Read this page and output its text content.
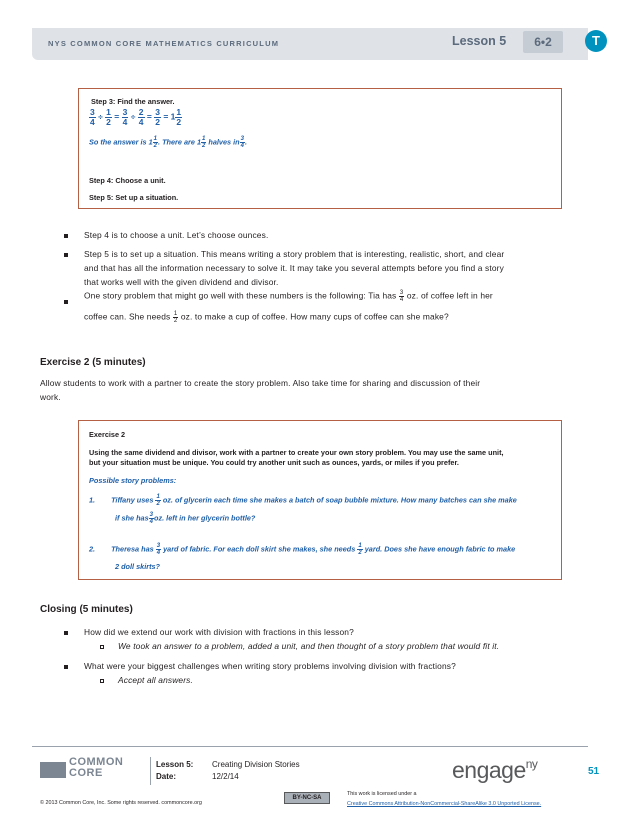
NYS COMMON CORE MATHEMATICS CURRICULUM	Lesson 5	6•2	T
Step 3: Find the answer.
$\frac{3}{4} \div \frac{1}{2} = \frac{3}{4} \div \frac{2}{4} = \frac{3}{2} = 1 \frac{1}{2}$
So the answer is $1 \frac{1}{2}$ . There are $1 \frac{1}{2}$ halves in $\frac{3}{4}$ .
Step 4: Choose a unit.
Step 5: Set up a situation.
Step 4 is to choose a unit. Let’s choose ounces.
Step 5 is to set up a situation. This means writing a story problem that is interesting, realistic, short, and clear
and that has all the information necessary to solve it. It may take you several attempts before you find a story
that works well with the given dividend and divisor.
One story problem that might go well with these numbers is the following: Tia has $\frac{3}{4}$ oz. of coffee left in her
coffee can. She needs $\frac{1}{2}$ oz. to make a cup of coffee. How many cups of coffee can she make?
Exercise 2 (5 minutes)
Allow students to work with a partner to create the story problem. Also take time for sharing and discussion of their
work.
Exercise 2
Using the same dividend and divisor, work with a partner to create your own story problem. You may use the same unit,
but your situation must be unique. You could try another unit such as ounces, yards, or miles if you prefer.
Possible story problems:
1. Tiffany uses $\frac{1}{2}$ oz. of glycerin each time she makes a batch of soap bubble mixture. How many batches can she make
if she has $\frac{3}{4}$ oz. left in her glycerin bottle?
2. Theresa has $\frac{3}{4}$ yard of fabric. For each doll skirt she makes, she needs $\frac{1}{2}$ yard. Does she have enough fabric to make
2 doll skirts?
Closing (5 minutes)
How did we extend our work with division with fractions in this lesson?
We took an answer to a problem, added a unit, and then thought of a story problem that would fit it.
What were your biggest challenges when writing story problems involving division with fractions?
Accept all answers.
COMMON
CORE
Lesson 5: Creating Division Stories
Date:	12/2/14	engage$^{ny}$
51
© 2013 Common Core, Inc. Some rights reserved. commoncore.org
BY-NC-SA
This work is licensed under a
Creative Commons Attribution-NonCommercial-ShareAlike 3.0 Unported License.
